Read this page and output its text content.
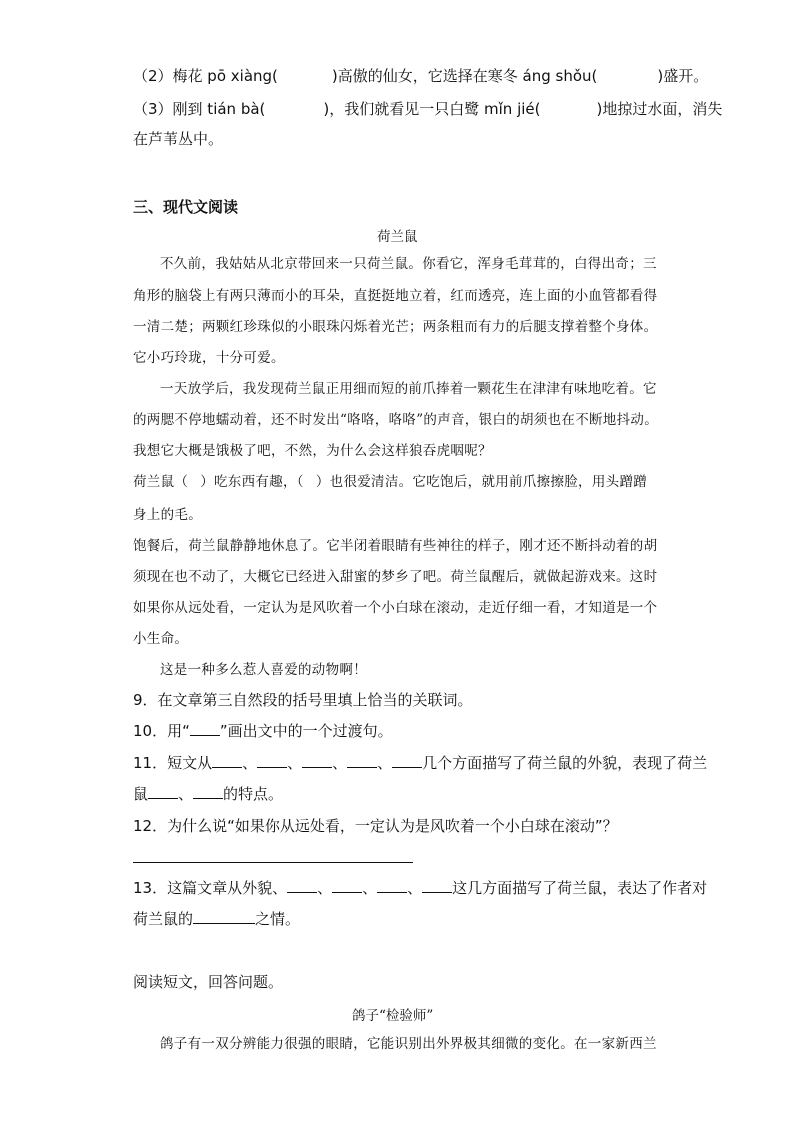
（2）梅花 pō xiàng(	)高傲的仙女，它选择在寒冬 áng shǒu(	)盛开。
（3）刚到 tián bà(	)，我们就看见一只白鹭 mǐn jié(	)地掠过水面，消失
在芦苇丛中。
三、现代文阅读
荷兰鼠
不久前，我姑姑从北京带回来一只荷兰鼠。你看它，浑身毛茸茸的，白得出奇；三
角形的脑袋上有两只薄而小的耳朵，直挺挺地立着，红而透亮，连上面的小血管都看得
一清二楚；两颗红珍珠似的小眼珠闪烁着光芒；两条粗而有力的后腿支撑着整个身体。
它小巧玲珑，十分可爱。
一天放学后，我发现荷兰鼠正用细而短的前爪捧着一颗花生在津津有味地吃着。它
的两腮不停地蠕动着，还不时发出“咯咯，咯咯”的声音，银白的胡须也在不断地抖动。
我想它大概是饿极了吧，不然，为什么会这样狼吞虎咽呢？
荷兰鼠（ ）吃东西有趣，（ ）也很爱清洁。它吃饱后，就用前爪擦擦脸，用头蹭蹭
身上的毛。
饱餐后，荷兰鼠静静地休息了。它半闭着眼睛有些神往的样子，刚才还不断抖动着的胡
须现在也不动了，大概它已经进入甜蜜的梦乡了吧。荷兰鼠醒后，就做起游戏来。这时
如果你从远处看，一定认为是风吹着一个小白球在滚动，走近仔细一看，才知道是一个
小生命。
这是一种多么惹人喜爱的动物啊！
9．在文章第三自然段的括号里填上恰当的关联词。
10．用“ ”画出文中的一个过渡句。
11．短文从 、 、 、 、 几个方面描写了荷兰鼠的外貌，表现了荷兰
鼠 、 的特点。
12．为什么说“如果你从远处看，一定认为是风吹着一个小白球在滚动”？
13．这篇文章从外貌、 、 、 、 这几方面描写了荷兰鼠，表达了作者对
荷兰鼠的	之情。
阅读短文，回答问题。
鸽子“检验师”
鸽子有一双分辨能力很强的眼睛，它能识别出外界极其细微的变化。在一家新西兰
